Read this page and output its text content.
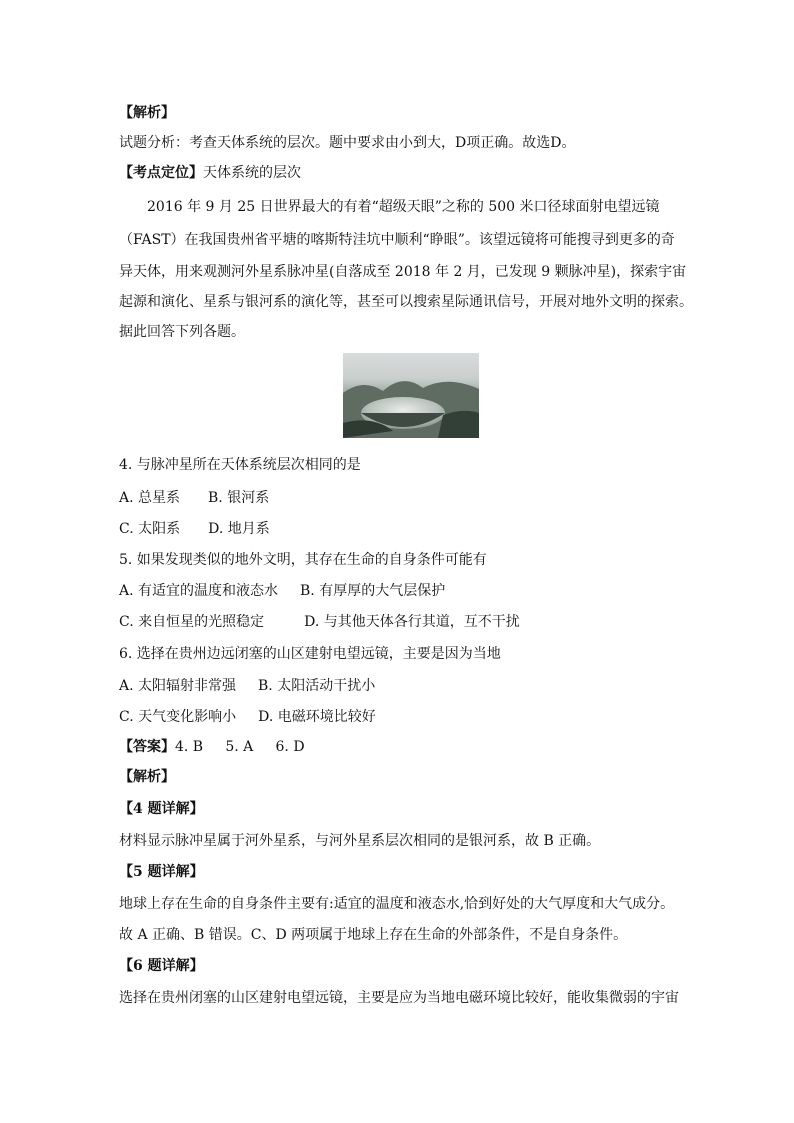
【解析】
试题分析：考查天体系统的层次。题中要求由小到大，D项正确。故选D。
【考点定位】天体系统的层次
2016 年 9 月 25 日世界最大的有着“超级天眼”之称的 500 米口径球面射电望远镜
（FAST）在我国贵州省平塘的喀斯特洼坑中顺利“睁眼”。该望远镜将可能搜寻到更多的奇
异天体，用来观测河外星系脉冲星(自落成至 2018 年 2 月，已发现 9 颗脉冲星)，探索宇宙
起源和演化、星系与银河系的演化等，甚至可以搜索星际通讯信号，开展对地外文明的探索。
据此回答下列各题。
4. 与脉冲星所在天体系统层次相同的是
A. 总星系 B. 银河系
C. 太阳系 D. 地月系
5. 如果发现类似的地外文明，其存在生命的自身条件可能有
A. 有适宜的温度和液态水 B. 有厚厚的大气层保护
C. 来自恒星的光照稳定	D. 与其他天体各行其道，互不干扰
6. 选择在贵州边远闭塞的山区建射电望远镜，主要是因为当地
A. 太阳辐射非常强 B. 太阳活动干扰小
C. 天气变化影响小 D. 电磁环境比较好
【答案】4. B     5. A     6. D
【解析】
【4 题详解】
材料显示脉冲星属于河外星系，与河外星系层次相同的是银河系，故 B 正确。
【5 题详解】
地球上存在生命的自身条件主要有:适宜的温度和液态水,恰到好处的大气厚度和大气成分。
故 A 正确、B 错误。C、D 两项属于地球上存在生命的外部条件，不是自身条件。
【6 题详解】
选择在贵州闭塞的山区建射电望远镜，主要是应为当地电磁环境比较好，能收集微弱的宇宙
